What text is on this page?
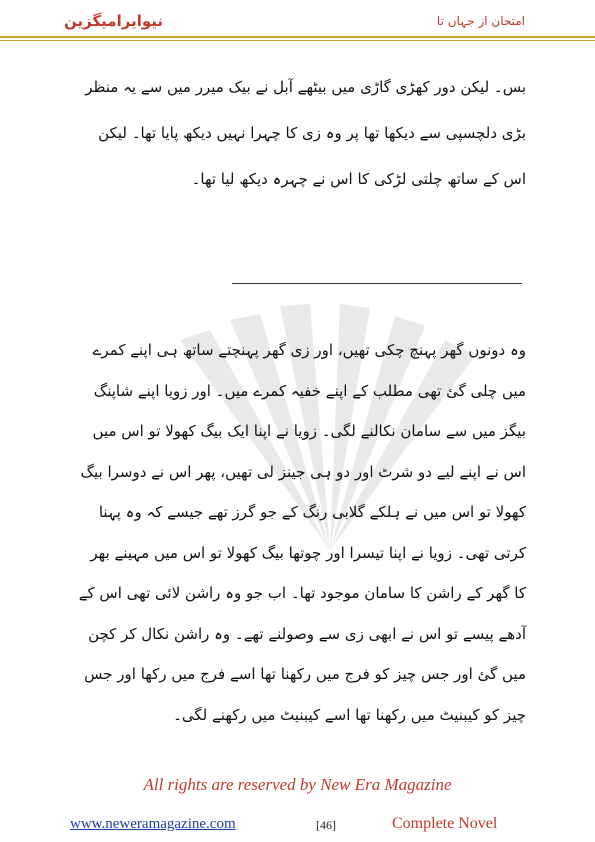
نیوایرامیگزین	امتحان از جہاں تا
بس۔ لیکن دور کھڑی گاڑی میں بیٹھے آبل نے بیک میرر میں سے یہ منظر بڑی دلچسپی سے دیکھا تھا پر وہ زی کا چہرا نہیں دیکھ پایا تھا۔ لیکن اس کے ساتھ چلتی لڑکی کا اس نے چہرہ دیکھ لیا تھا۔
وہ دونوں گھر پہنچ چکی تھیں، اور زی گھر پہنچتے ساتھ ہی اپنے کمرے میں چلی گئ تھی مطلب کے اپنے خفیہ کمرے میں۔ اور زویا اپنے شاپنگ بیگز میں سے سامان نکالنے لگی۔ زویا نے اپنا ایک بیگ کھولا تو اس میں اس نے اپنے لیے دو شرٹ اور دو ہی جینز لی تھیں، پھر اس نے دوسرا بیگ کھولا تو اس میں نے ہلکے گلابی رنگ کے جو گرز تھے جیسے کہ وہ پہنا کرتی تھی۔ زویا نے اپنا تیسرا اور چوتھا بیگ کھولا تو اس میں مہینے بھر کا گھر کے راشن کا سامان موجود تھا۔ اب جو وہ راشن لائی تھی اس کے آدھے پیسے تو اس نے ابھی زی سے وصولنے تھے۔ وہ راشن نکال کر کچن میں گئ اور جس چیز کو فرج میں رکھنا تھا اسے فرج میں رکھا اور جس چیز کو کیبنیٹ میں رکھنا تھا اسے کیبنیٹ میں رکھنے لگی۔
All rights are reserved by New Era Magazine
www.neweramagazine.com	[46]	Complete Novel
